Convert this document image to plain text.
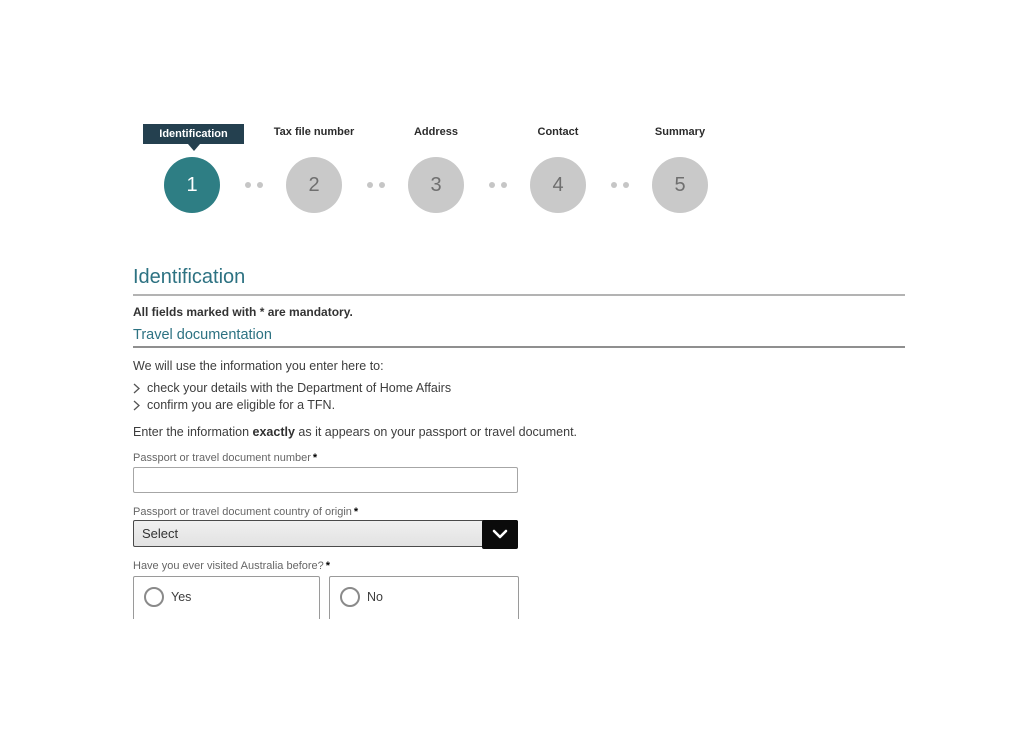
Identification	Tax file number	Address	Contact	Summary
1	2	3	4	5
Identification

All fields marked with * are mandatory.

Travel documentation

We will use the information you enter here to:

check your details with the Department of Home Affairs
confirm you are eligible for a TFN.

Enter the information exactly as it appears on your passport or travel document.

Passport or travel document number *
Passport or travel document country of origin *
Select
Have you ever visited Australia before? *
Yes	No
